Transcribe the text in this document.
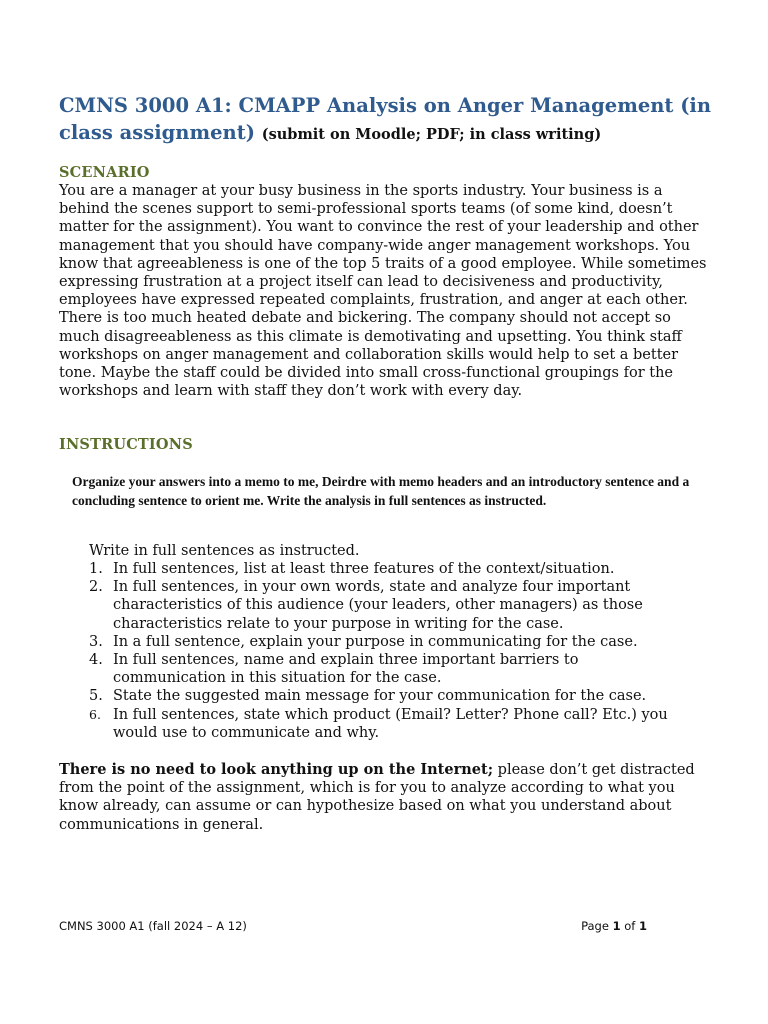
CMNS 3000 A1: CMAPP Analysis on Anger Management (in class assignment) (submit on Moodle; PDF; in class writing)
SCENARIO

You are a manager at your busy business in the sports industry. Your business is a behind the scenes support to semi-professional sports teams (of some kind, doesn’t matter for the assignment). You want to convince the rest of your leadership and other management that you should have company-wide anger management workshops. You know that agreeableness is one of the top 5 traits of a good employee. While sometimes expressing frustration at a project itself can lead to decisiveness and productivity, employees have expressed repeated complaints, frustration, and anger at each other. There is too much heated debate and bickering. The company should not accept so much disagreeableness as this climate is demotivating and upsetting. You think staff workshops on anger management and collaboration skills would help to set a better tone. Maybe the staff could be divided into small cross-functional groupings for the workshops and learn with staff they don’t work with every day.

INSTRUCTIONS

Organize your answers into a memo to me, Deirdre with memo headers and an introductory sentence and a concluding sentence to orient me. Write the analysis in full sentences as instructed.

Write in full sentences as instructed.

1. In full sentences, list at least three features of the context/situation.
2. In full sentences, in your own words, state and analyze four important characteristics of this audience (your leaders, other managers) as those characteristics relate to your purpose in writing for the case.
3. In a full sentence, explain your purpose in communicating for the case.
4. In full sentences, name and explain three important barriers to communication in this situation for the case.
5. State the suggested main message for your communication for the case.
6. In full sentences, state which product (Email? Letter? Phone call? Etc.) you would use to communicate and why.

There is no need to look anything up on the Internet; please don’t get distracted from the point of the assignment, which is for you to analyze according to what you know already, can assume or can hypothesize based on what you understand about communications in general.

CMNS 3000 A1 (fall 2024 – A 12)	Page 1 of 1
